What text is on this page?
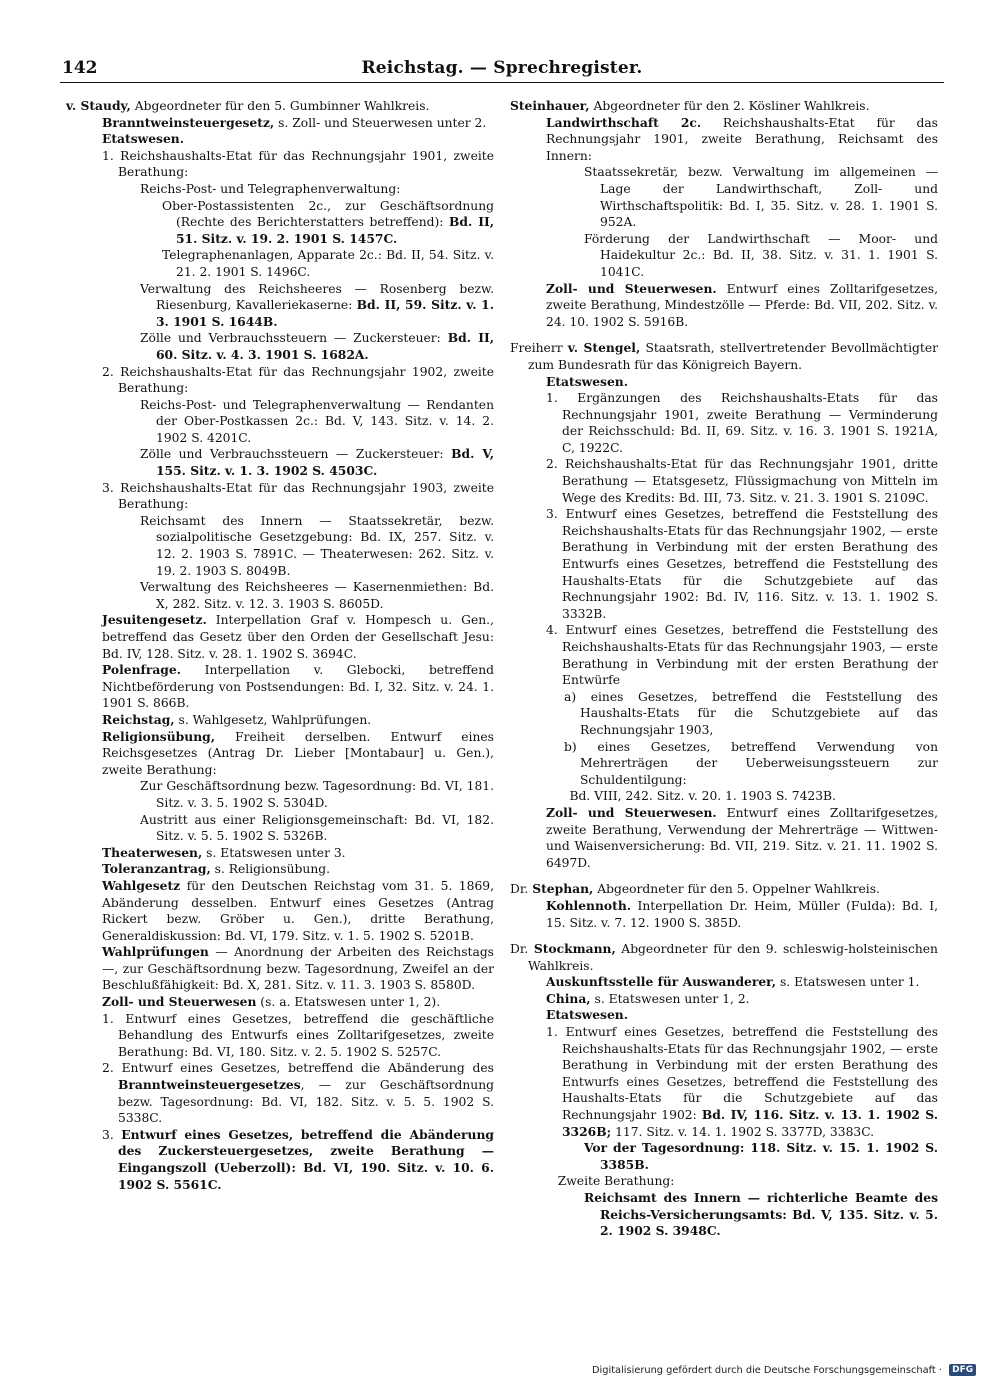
142	Reichstag. — Sprechregister.

v. Staudy, Abgeordneter für den 5. Gumbinner Wahlkreis.

Branntweinsteuergesetz, s. Zoll- und Steuerwesen unter 2.

Etatswesen.

1. Reichshaushalts-Etat für das Rechnungsjahr 1901, zweite Berathung:

Reichs-Post- und Telegraphenverwaltung:

Ober-Postassistenten 2c., zur Geschäftsordnung (Rechte des Berichterstatters betreffend): Bd. II, 51. Sitz. v. 19. 2. 1901 S. 1457C.

Telegraphenanlagen, Apparate 2c.: Bd. II, 54. Sitz. v. 21. 2. 1901 S. 1496C.

Verwaltung des Reichsheeres — Rosenberg bezw. Riesenburg, Kavalleriekaserne: Bd. II, 59. Sitz. v. 1. 3. 1901 S. 1644B.

Zölle und Verbrauchssteuern — Zuckersteuer: Bd. II, 60. Sitz. v. 4. 3. 1901 S. 1682A.

2. Reichshaushalts-Etat für das Rechnungsjahr 1902, zweite Berathung:

Reichs-Post- und Telegraphenverwaltung — Rendanten der Ober-Postkassen 2c.: Bd. V, 143. Sitz. v. 14. 2. 1902 S. 4201C.

Zölle und Verbrauchssteuern — Zuckersteuer: Bd. V, 155. Sitz. v. 1. 3. 1902 S. 4503C.

3. Reichshaushalts-Etat für das Rechnungsjahr 1903, zweite Berathung:

Reichsamt des Innern — Staatssekretär, bezw. sozialpolitische Gesetzgebung: Bd. IX, 257. Sitz. v. 12. 2. 1903 S. 7891C. — Theaterwesen: 262. Sitz. v. 19. 2. 1903 S. 8049B.

Verwaltung des Reichsheeres — Kasernenmiethen: Bd. X, 282. Sitz. v. 12. 3. 1903 S. 8605D.

Jesuitengesetz. Interpellation Graf v. Hompesch u. Gen., betreffend das Gesetz über den Orden der Gesellschaft Jesu: Bd. IV, 128. Sitz. v. 28. 1. 1902 S. 3694C.

Polenfrage. Interpellation v. Glebocki, betreffend Nichtbeförderung von Postsendungen: Bd. I, 32. Sitz. v. 24. 1. 1901 S. 866B.

Reichstag, s. Wahlgesetz, Wahlprüfungen.

Religionsübung, Freiheit derselben. Entwurf eines Reichsgesetzes (Antrag Dr. Lieber [Montabaur] u. Gen.), zweite Berathung:

Zur Geschäftsordnung bezw. Tagesordnung: Bd. VI, 181. Sitz. v. 3. 5. 1902 S. 5304D.

Austritt aus einer Religionsgemeinschaft: Bd. VI, 182. Sitz. v. 5. 5. 1902 S. 5326B.

Theaterwesen, s. Etatswesen unter 3.

Toleranzantrag, s. Religionsübung.

Wahlgesetz für den Deutschen Reichstag vom 31. 5. 1869, Abänderung desselben. Entwurf eines Gesetzes (Antrag Rickert bezw. Gröber u. Gen.), dritte Berathung, Generaldiskussion: Bd. VI, 179. Sitz. v. 1. 5. 1902 S. 5201B.

Wahlprüfungen — Anordnung der Arbeiten des Reichstags —, zur Geschäftsordnung bezw. Tagesordnung, Zweifel an der Beschlußfähigkeit: Bd. X, 281. Sitz. v. 11. 3. 1903 S. 8580D.

Zoll- und Steuerwesen (s. a. Etatswesen unter 1, 2).

1. Entwurf eines Gesetzes, betreffend die geschäftliche Behandlung des Entwurfs eines Zolltarifgesetzes, zweite Berathung: Bd. VI, 180. Sitz. v. 2. 5. 1902 S. 5257C.

2. Entwurf eines Gesetzes, betreffend die Abänderung des Branntweinsteuergesetzes, — zur Geschäftsordnung bezw. Tagesordnung: Bd. VI, 182. Sitz. v. 5. 5. 1902 S. 5338C.

3. Entwurf eines Gesetzes, betreffend die Abänderung des Zuckersteuergesetzes, zweite Berathung — Eingangszoll (Ueberzoll): Bd. VI, 190. Sitz. v. 10. 6. 1902 S. 5561C.

Steinhauer, Abgeordneter für den 2. Kösliner Wahlkreis.

Landwirthschaft 2c. Reichshaushalts-Etat für das Rechnungsjahr 1901, zweite Berathung, Reichsamt des Innern:

Staatssekretär, bezw. Verwaltung im allgemeinen — Lage der Landwirthschaft, Zoll- und Wirthschaftspolitik: Bd. I, 35. Sitz. v. 28. 1. 1901 S. 952A.

Förderung der Landwirthschaft — Moor- und Haidekultur 2c.: Bd. II, 38. Sitz. v. 31. 1. 1901 S. 1041C.

Zoll- und Steuerwesen. Entwurf eines Zolltarifgesetzes, zweite Berathung, Mindestzölle — Pferde: Bd. VII, 202. Sitz. v. 24. 10. 1902 S. 5916B.

Freiherr v. Stengel, Staatsrath, stellvertretender Bevollmächtigter zum Bundesrath für das Königreich Bayern.

Etatswesen.

1. Ergänzungen des Reichshaushalts-Etats für das Rechnungsjahr 1901, zweite Berathung — Verminderung der Reichsschuld: Bd. II, 69. Sitz. v. 16. 3. 1901 S. 1921A, C, 1922C.

2. Reichshaushalts-Etat für das Rechnungsjahr 1901, dritte Berathung — Etatsgesetz, Flüssigmachung von Mitteln im Wege des Kredits: Bd. III, 73. Sitz. v. 21. 3. 1901 S. 2109C.

3. Entwurf eines Gesetzes, betreffend die Feststellung des Reichshaushalts-Etats für das Rechnungsjahr 1902, — erste Berathung in Verbindung mit der ersten Berathung des Entwurfs eines Gesetzes, betreffend die Feststellung des Haushalts-Etats für die Schutzgebiete auf das Rechnungsjahr 1902: Bd. IV, 116. Sitz. v. 13. 1. 1902 S. 3332B.

4. Entwurf eines Gesetzes, betreffend die Feststellung des Reichshaushalts-Etats für das Rechnungsjahr 1903, — erste Berathung in Verbindung mit der ersten Berathung der Entwürfe

a) eines Gesetzes, betreffend die Feststellung des Haushalts-Etats für die Schutzgebiete auf das Rechnungsjahr 1903,

b) eines Gesetzes, betreffend Verwendung von Mehrerträgen der Ueberweisungssteuern zur Schuldentilgung:

Bd. VIII, 242. Sitz. v. 20. 1. 1903 S. 7423B.

Zoll- und Steuerwesen. Entwurf eines Zolltarifgesetzes, zweite Berathung, Verwendung der Mehrerträge — Wittwen- und Waisenversicherung: Bd. VII, 219. Sitz. v. 21. 11. 1902 S. 6497D.

Dr. Stephan, Abgeordneter für den 5. Oppelner Wahlkreis.

Kohlennoth. Interpellation Dr. Heim, Müller (Fulda): Bd. I, 15. Sitz. v. 7. 12. 1900 S. 385D.

Dr. Stockmann, Abgeordneter für den 9. schleswig-holsteinischen Wahlkreis.

Auskunftsstelle für Auswanderer, s. Etatswesen unter 1.

China, s. Etatswesen unter 1, 2.

Etatswesen.

1. Entwurf eines Gesetzes, betreffend die Feststellung des Reichshaushalts-Etats für das Rechnungsjahr 1902, — erste Berathung in Verbindung mit der ersten Berathung des Entwurfs eines Gesetzes, betreffend die Feststellung des Haushalts-Etats für die Schutzgebiete auf das Rechnungsjahr 1902: Bd. IV, 116. Sitz. v. 13. 1. 1902 S. 3326B; 117. Sitz. v. 14. 1. 1902 S. 3377D, 3383C.

Vor der Tagesordnung: 118. Sitz. v. 15. 1. 1902 S. 3385B.

Zweite Berathung:

Reichsamt des Innern — richterliche Beamte des Reichs-Versicherungsamts: Bd. V, 135. Sitz. v. 5. 2. 1902 S. 3948C.

Digitalisierung gefördert durch die Deutsche Forschungsgemeinschaft · DFG
